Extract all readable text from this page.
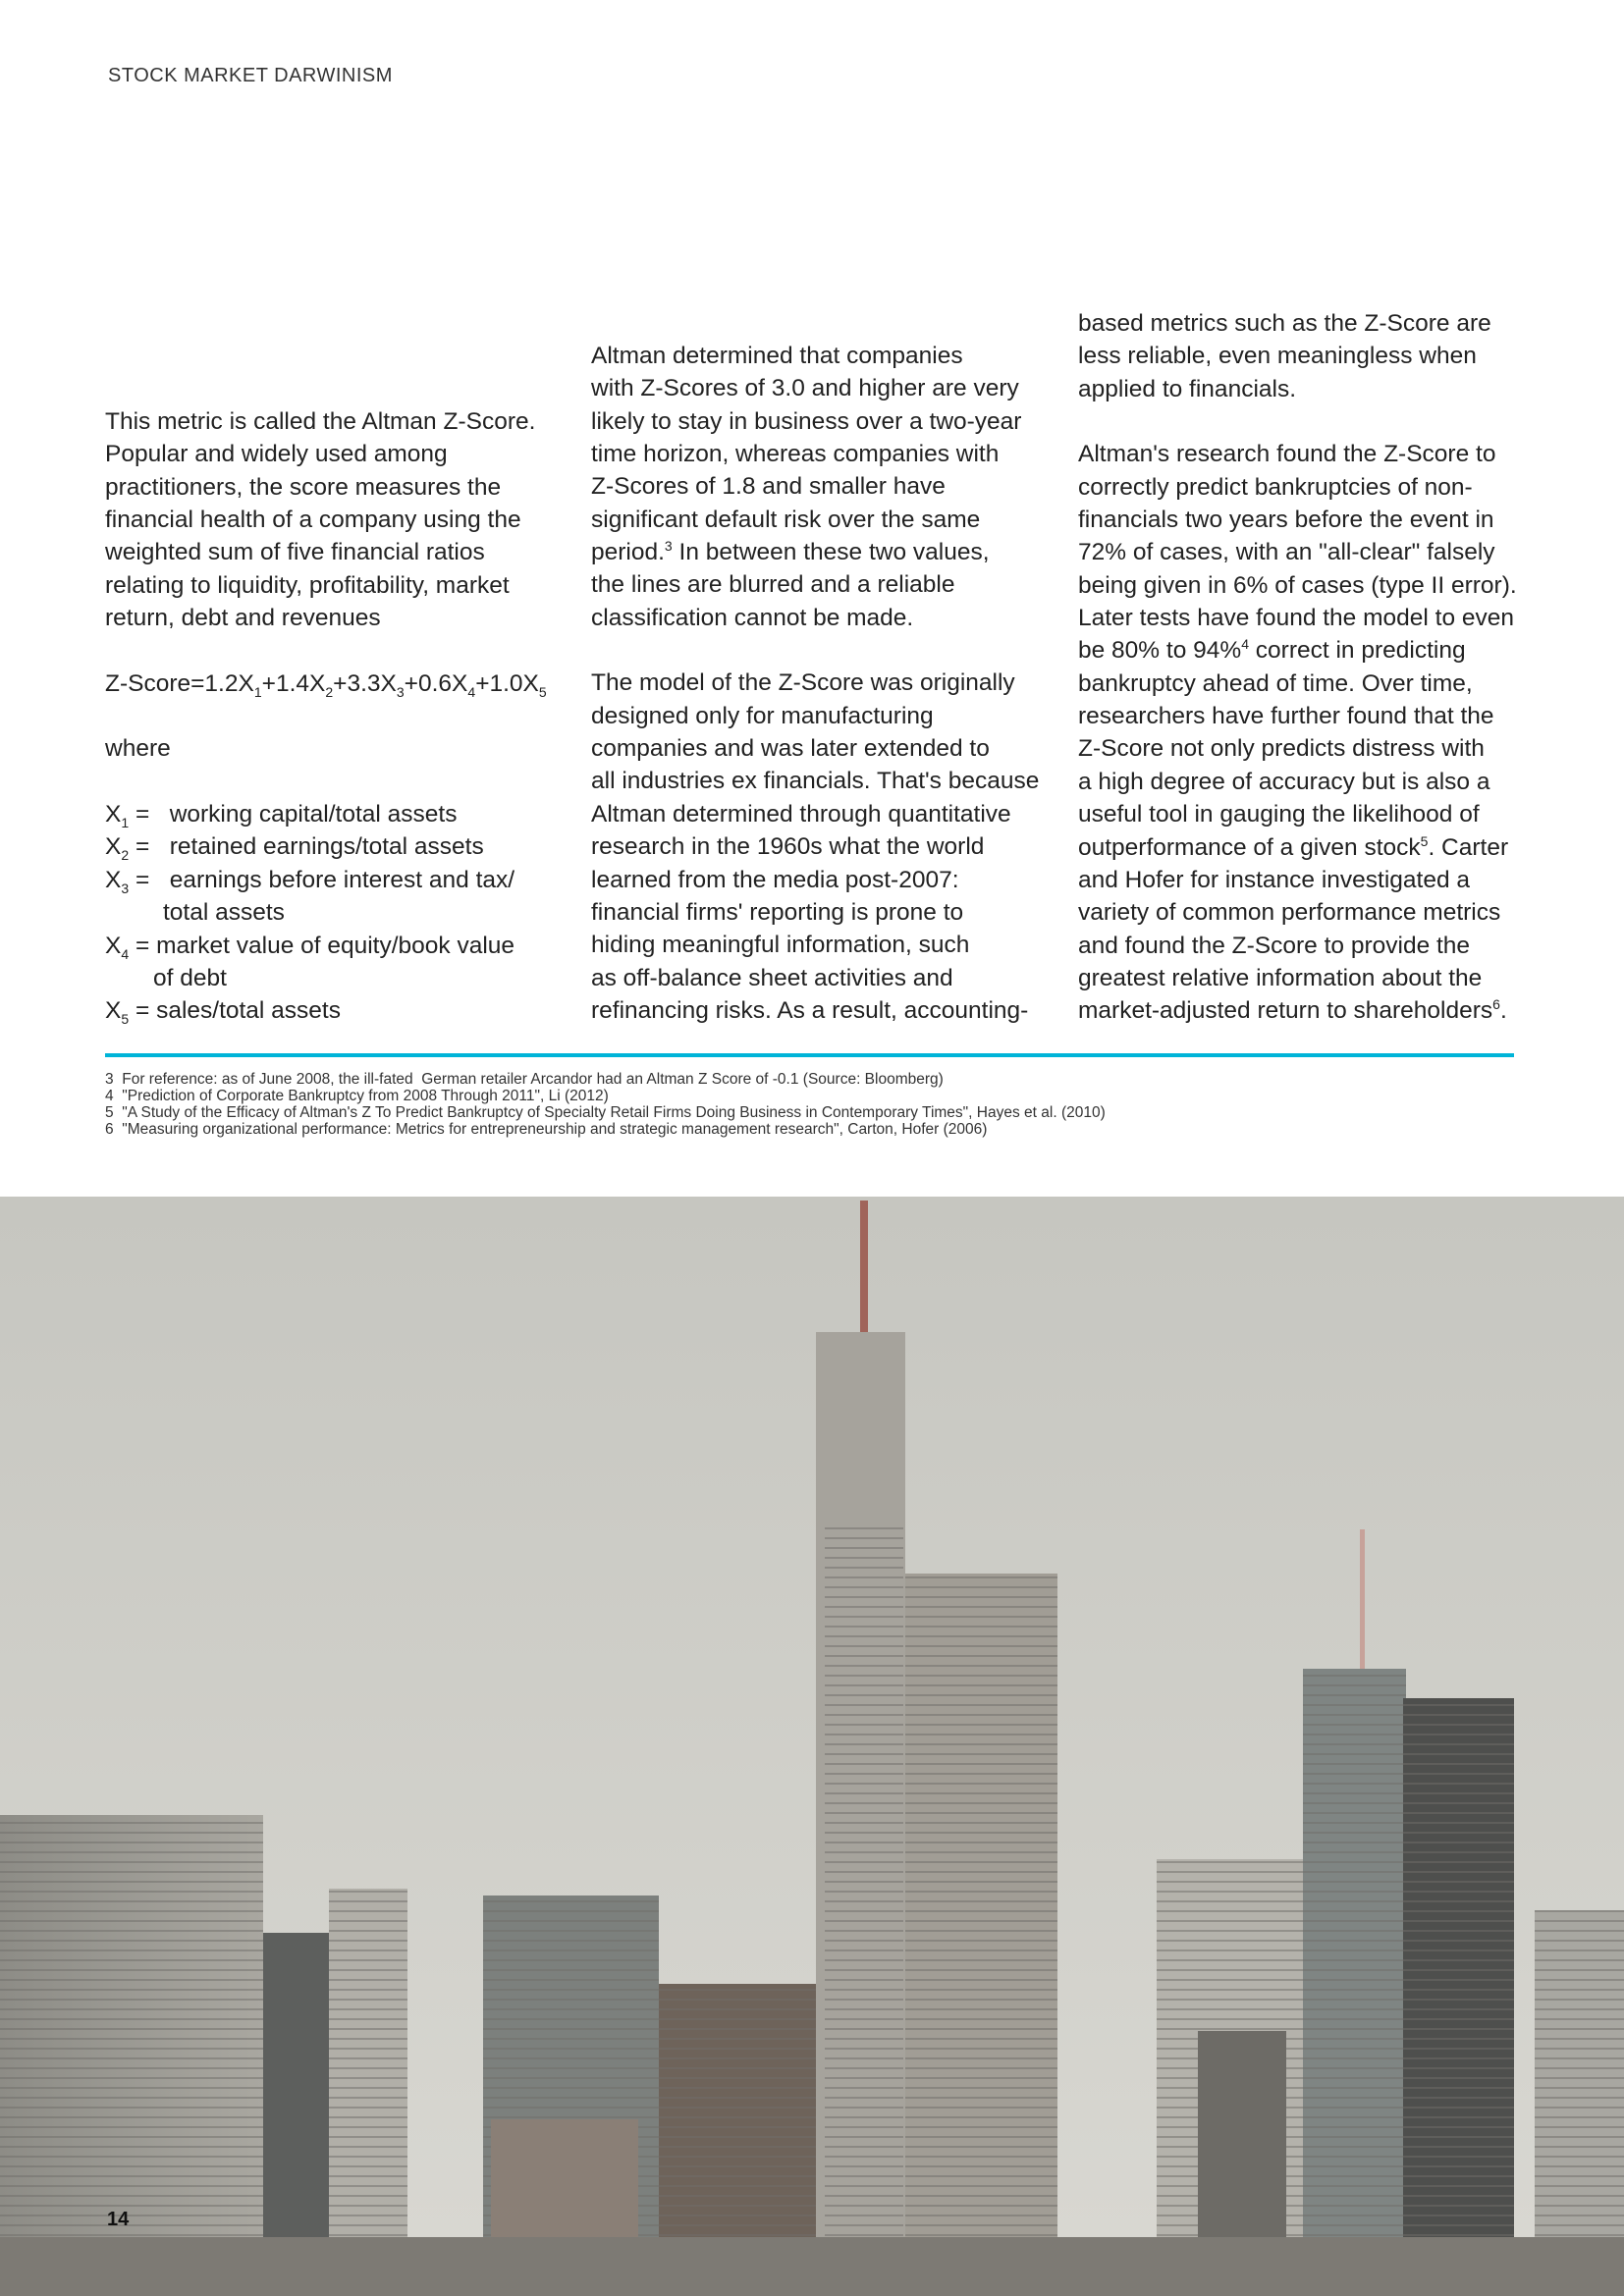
STOCK MARKET DARWINISM
This metric is called the Altman Z-Score.
Popular and widely used among
practitioners, the score measures the
financial health of a company using the
weighted sum of five financial ratios
relating to liquidity, profitability, market
return, debt and revenues
$Z-Score=1.2X_1+1.4X_2+3.3X_3+0.6X_4+1.0X_5$
where
$X_1$ =   working capital/total assets
$X_2$ =   retained earnings/total assets
$X_3$ =   earnings before interest and tax/
total assets
$X_4$ = market value of equity/book value
of debt
$X_5$ = sales/total assets
Altman determined that companies
with Z-Scores of 3.0 and higher are very
likely to stay in business over a two-year
time horizon, whereas companies with
Z-Scores of 1.8 and smaller have
significant default risk over the same
period.$^3$ In between these two values,
the lines are blurred and a reliable
classification cannot be made.
The model of the Z-Score was originally
designed only for manufacturing
companies and was later extended to
all industries ex financials. That's because
Altman determined through quantitative
research in the 1960s what the world
learned from the media post-2007:
financial firms' reporting is prone to
hiding meaningful information, such
as off-balance sheet activities and
refinancing risks. As a result, accounting-
based metrics such as the Z-Score are
less reliable, even meaningless when
applied to financials.
Altman's research found the Z-Score to
correctly predict bankruptcies of non-
financials two years before the event in
72% of cases, with an "all-clear" falsely
being given in 6% of cases (type II error).
Later tests have found the model to even
be 80% to 94%$^4$ correct in predicting
bankruptcy ahead of time. Over time,
researchers have further found that the
Z-Score not only predicts distress with
a high degree of accuracy but is also a
useful tool in gauging the likelihood of
outperformance of a given stock$^5$. Carter
and Hofer for instance investigated a
variety of common performance metrics
and found the Z-Score to provide the
greatest relative information about the
market-adjusted return to shareholders$^6$.
3  For reference: as of June 2008, the ill-fated  German retailer Arcandor had an Altman Z Score of -0.1 (Source: Bloomberg)
4  "Prediction of Corporate Bankruptcy from 2008 Through 2011", Li (2012)
5  "A Study of the Efficacy of Altman's Z To Predict Bankruptcy of Specialty Retail Firms Doing Business in Contemporary Times", Hayes et al. (2010)
6  "Measuring organizational performance: Metrics for entrepreneurship and strategic management research", Carton, Hofer (2006)
14
